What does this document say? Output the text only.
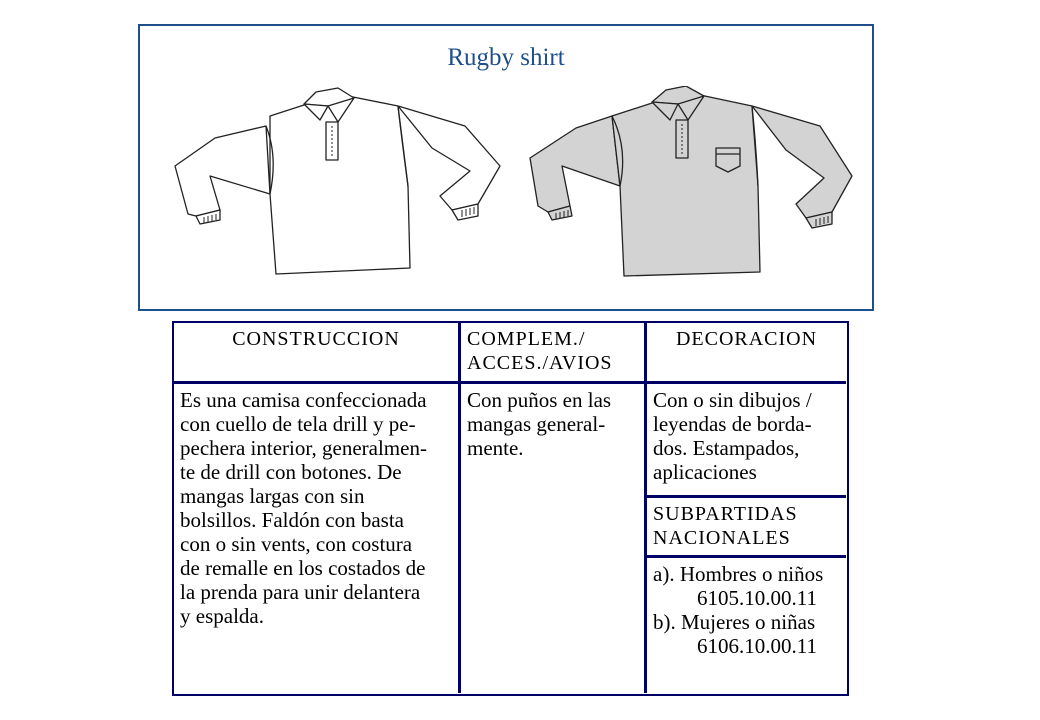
Rugby shirt
CONSTRUCCION	COMPLEM./
ACCES./AVIOS
DECORACION
Es una camisa confeccionada
con cuello de tela drill y pe-
pechera interior, generalmen-
te de drill con botones. De
mangas largas con sin
bolsillos. Faldón con basta
con o sin vents, con costura
de remalle en los costados de
la prenda para unir delantera
y espalda.
Con puños en las
mangas general-
mente.
Con o sin dibujos /
leyendas de borda-
dos. Estampados,
aplicaciones
SUBPARTIDAS
NACIONALES
a). Hombres o niños
6105.10.00.11
b). Mujeres o niñas
6106.10.00.11
